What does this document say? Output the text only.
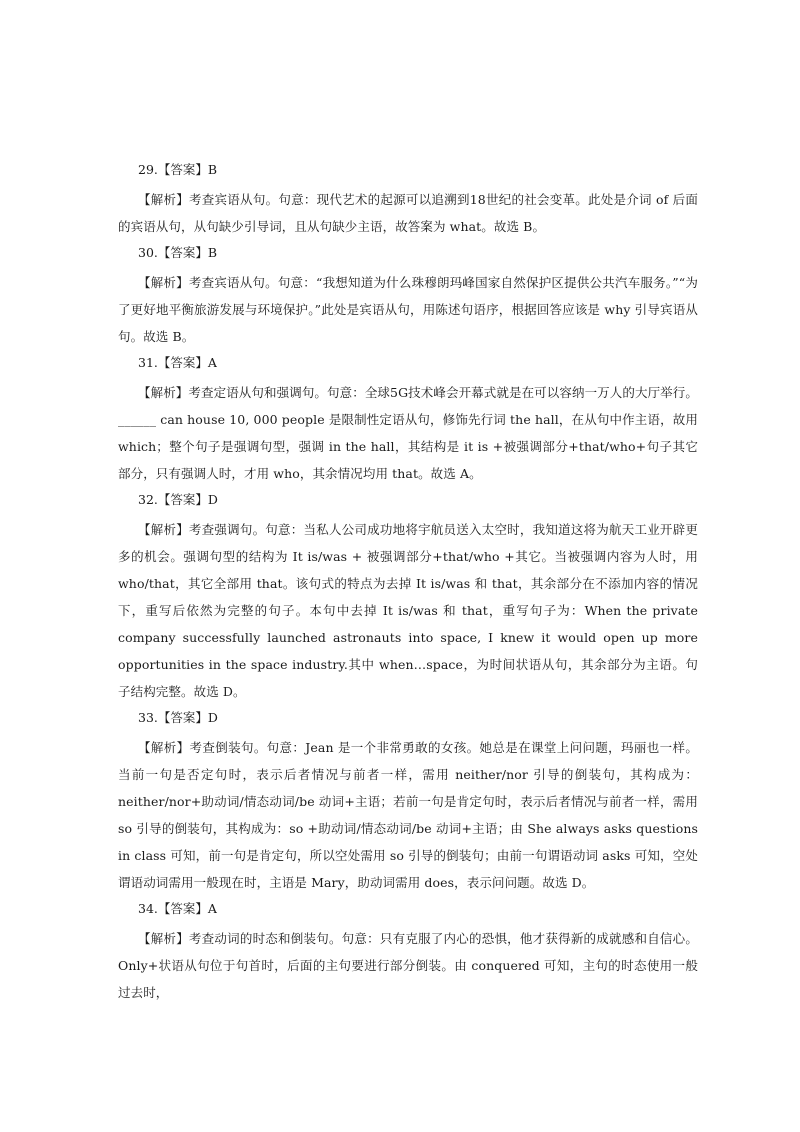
29.【答案】B

【解析】考查宾语从句。句意：现代艺术的起源可以追溯到18世纪的社会变革。此处是介词 of 后面的宾语从句，从句缺少引导词，且从句缺少主语，故答案为 what。故选 B。

30.【答案】B

【解析】考查宾语从句。句意：“我想知道为什么珠穆朗玛峰国家自然保护区提供公共汽车服务。”“为了更好地平衡旅游发展与环境保护。”此处是宾语从句，用陈述句语序，根据回答应该是 why 引导宾语从句。故选 B。

31.【答案】A

【解析】考查定语从句和强调句。句意：全球5G技术峰会开幕式就是在可以容纳一万人的大厅举行。______ can house 10, 000 people 是限制性定语从句，修饰先行词 the hall，在从句中作主语，故用 which；整个句子是强调句型，强调 in the hall，其结构是 it is +被强调部分+that/who+句子其它部分，只有强调人时，才用 who，其余情况均用 that。故选 A。

32.【答案】D

【解析】考查强调句。句意：当私人公司成功地将宇航员送入太空时，我知道这将为航天工业开辟更多的机会。强调句型的结构为 It is/was + 被强调部分+that/who +其它。当被强调内容为人时，用 who/that，其它全部用 that。该句式的特点为去掉 It is/was 和 that，其余部分在不添加内容的情况下，重写后依然为完整的句子。本句中去掉 It is/was 和 that，重写句子为：When the private company successfully launched astronauts into space, I knew it would open up more opportunities in the space industry.其中 when…space，为时间状语从句，其余部分为主语。句子结构完整。故选 D。

33.【答案】D

【解析】考查倒装句。句意：Jean 是一个非常勇敢的女孩。她总是在课堂上问问题，玛丽也一样。当前一句是否定句时，表示后者情况与前者一样，需用 neither/nor 引导的倒装句，其构成为：neither/nor+助动词/情态动词/be 动词+主语；若前一句是肯定句时，表示后者情况与前者一样，需用 so 引导的倒装句，其构成为：so +助动词/情态动词/be 动词+主语；由 She always asks questions in class 可知，前一句是肯定句，所以空处需用 so 引导的倒装句；由前一句谓语动词 asks 可知，空处谓语动词需用一般现在时，主语是 Mary，助动词需用 does，表示问问题。故选 D。

34.【答案】A

【解析】考查动词的时态和倒装句。句意：只有克服了内心的恐惧，他才获得新的成就感和自信心。Only+状语从句位于句首时，后面的主句要进行部分倒装。由 conquered 可知，主句的时态使用一般过去时，
